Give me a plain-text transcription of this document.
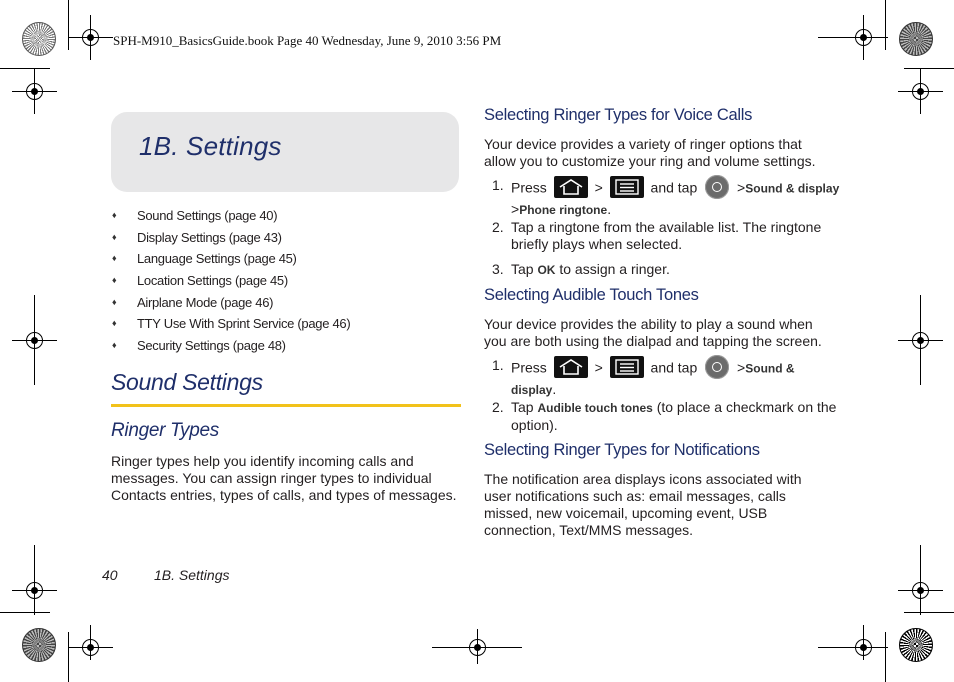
SPH-M910_BasicsGuide.book Page 40 Wednesday, June 9, 2010 3:56 PM
1B. Settings
♦ Sound Settings (page 40)
♦ Display Settings (page 43)
♦ Language Settings (page 45)
♦ Location Settings (page 45)
♦ Airplane Mode (page 46)
♦ TTY Use With Sprint Service (page 46)
♦ Security Settings (page 48)
Sound Settings
Ringer Types
Ringer types help you identify incoming calls and messages. You can assign ringer types to individual Contacts entries, types of calls, and types of messages.
Selecting Ringer Types for Voice Calls
Your device provides a variety of ringer options that allow you to customize your ring and volume settings.
1. Press	>	and tap	>Sound & display >Phone ringtone.
2. Tap a ringtone from the available list. The ringtone briefly plays when selected.
3. Tap OK to assign a ringer.
Selecting Audible Touch Tones
Your device provides the ability to play a sound when you are both using the dialpad and tapping the screen.
1. Press	>	and tap	>Sound & display.
2. Tap Audible touch tones (to place a checkmark on the option).
Selecting Ringer Types for Notifications
The notification area displays icons associated with user notifications such as: email messages, calls missed, new voicemail, upcoming event, USB connection, Text/MMS messages.
40	1B. Settings
